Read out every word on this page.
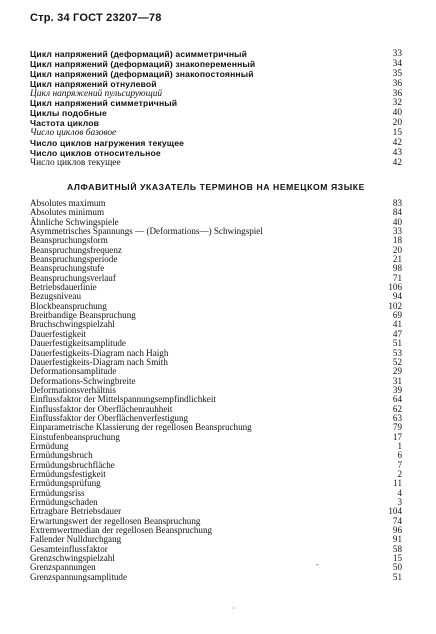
Стр. 34 ГОСТ 23207—78
Цикл напряжений (деформаций) асимметричный	33
Цикл напряжений (деформаций) знакопеременный	34
Цикл напряжений (деформаций) знакопостоянный	35
Цикл напряжений отнулевой	36
Цикл напряжений пульсирующий	36
Цикл напряжений симметричный	32
Циклы подобные	40
Частота циклов	20
Число циклов базовое	15
Число циклов нагружения текущее	42
Число циклов относительное	43
Число циклов текущее	42
АЛФАВИТНЫЙ УКАЗАТЕЛЬ ТЕРМИНОВ НА НЕМЕЦКОМ ЯЗЫКЕ
Absolutes maximum	83
Absolutes minimum	84
Ähnliche Schwingspiele	40
Asymmetrisches Spannungs — (Deformations—) Schwingspiel	33
Beanspruchungsform	18
Beanspruchungsfrequenz	20
Beanspruchungsperiode	21
Beanspruchungstufe	98
Beanspruchungsverlauf	71
Betriebsdauerlinie	106
Bezugsniveau	94
Blockbeanspruchung	102
Breitbandige Beanspruchung	69
Bruchschwingspielzahl	41
Dauerfestigkeit	47
Dauerfestigkeitsamplitude	51
Dauerfestigkeits-Diagram nach Haigh	53
Dauerfestigkeits-Diagram nach Smith	52
Deformationsamplitude	29
Deformations-Schwingbreite	31
Deformationsverhältnis	39
Einflussfaktor der Mittelspannungsempfindlichkeit	64
Einflussfaktor der Oberflächenrauhheit	62
Einflussfaktor der Oberflächenverfestigung	63
Einparametrische Klassierung der regellosen Beanspruchung	79
Einstufenbeanspruchung	17
Ermüdung	1
Ermüdungsbruch	6
Ermüdungsbruchfläche	7
Ermüdungsfestigkeit	2
Ermüdungsprüfung	11
Ermüdungsriss	4
Ermüdungschaden	3
Ertragbare Betriebsdauer	104
Erwartungswert der regellosen Beanspruchung	74
Extremwertmedian der regellosen Beanspruchung	96
Fallender Nulldurchgang	91
Gesamteinflussfaktor	58
Grenzschwingspielzahl	15
Grenzspannungen	50
Grenzspannungsamplitude	51
-
·
